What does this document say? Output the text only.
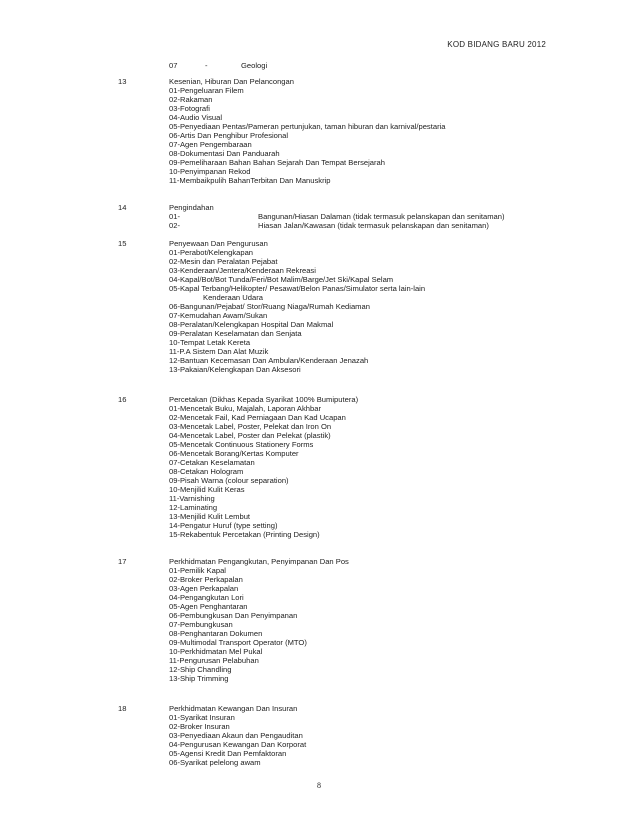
KOD BIDANG BARU 2012
07	-	Geologi
13	Kesenian, Hiburan Dan Pelancongan
01-Pengeluaran Filem
02-Rakaman
03-Fotografi
04-Audio Visual
05-Penyediaan Pentas/Pameran pertunjukan, taman hiburan dan karnival/pestaria
06-Artis Dan Penghibur Profesional
07-Agen Pengembaraan
08-Dokumentasi Dan Panduarah
09-Pemeliharaan Bahan Bahan Sejarah Dan Tempat Bersejarah
10-Penyimpanan Rekod
11-Membaikpulih BahanTerbitan Dan Manuskrip
14	Pengindahan
01-	Bangunan/Hiasan Dalaman (tidak termasuk pelanskapan dan senitaman)
02-	Hiasan Jalan/Kawasan (tidak termasuk pelanskapan dan senitaman)
15	Penyewaan Dan Pengurusan
01-Perabot/Kelengkapan
02-Mesin dan Peralatan Pejabat
03-Kenderaan/Jentera/Kenderaan Rekreasi
04-Kapal/Bot/Bot Tunda/Feri/Bot Malim/Barge/Jet Ski/Kapal Selam
05-Kapal Terbang/Helikopter/ Pesawat/Belon Panas/Simulator serta lain-lain
Kenderaan Udara
06-Bangunan/Pejabat/ Stor/Ruang Niaga/Rumah Kediaman
07-Kemudahan Awam/Sukan
08-Peralatan/Kelengkapan Hospital Dan Makmal
09-Peralatan Keselamatan dan Senjata
10-Tempat Letak Kereta
11-P.A Sistem Dan Alat Muzik
12-Bantuan Kecemasan Dan Ambulan/Kenderaan Jenazah
13-Pakaian/Kelengkapan Dan Aksesori
16	Percetakan (Dikhas Kepada Syarikat 100% Bumiputera)
01-Mencetak Buku, Majalah, Laporan Akhbar
02-Mencetak Fail, Kad Perniagaan Dan Kad Ucapan
03-Mencetak Label, Poster, Pelekat dan Iron On
04-Mencetak Label, Poster dan Pelekat (plastik)
05-Mencetak Continuous Stationery Forms
06-Mencetak Borang/Kertas Komputer
07-Cetakan Keselamatan
08-Cetakan Hologram
09-Pisah Warna (colour separation)
10-Menjilid Kulit Keras
11-Varnishing
12-Laminating
13-Menjilid Kulit Lembut
14-Pengatur Huruf (type setting)
15-Rekabentuk Percetakan (Printing Design)
17	Perkhidmatan Pengangkutan, Penyimpanan Dan Pos
01-Pemilik Kapal
02-Broker Perkapalan
03-Agen Perkapalan
04-Pengangkutan Lori
05-Agen Penghantaran
06-Pembungkusan Dan Penyimpanan
07-Pembungkusan
08-Penghantaran Dokumen
09-Multimodal Transport Operator (MTO)
10-Perkhidmatan Mel Pukal
11-Pengurusan Pelabuhan
12-Ship Chandling
13-Ship Trimming
18	Perkhidmatan Kewangan Dan Insuran
01-Syarikat Insuran
02-Broker Insuran
03-Penyediaan Akaun dan Pengauditan
04-Pengurusan Kewangan Dan Korporat
05-Agensi Kredit Dan Pemfaktoran
06-Syarikat pelelong awam
8
